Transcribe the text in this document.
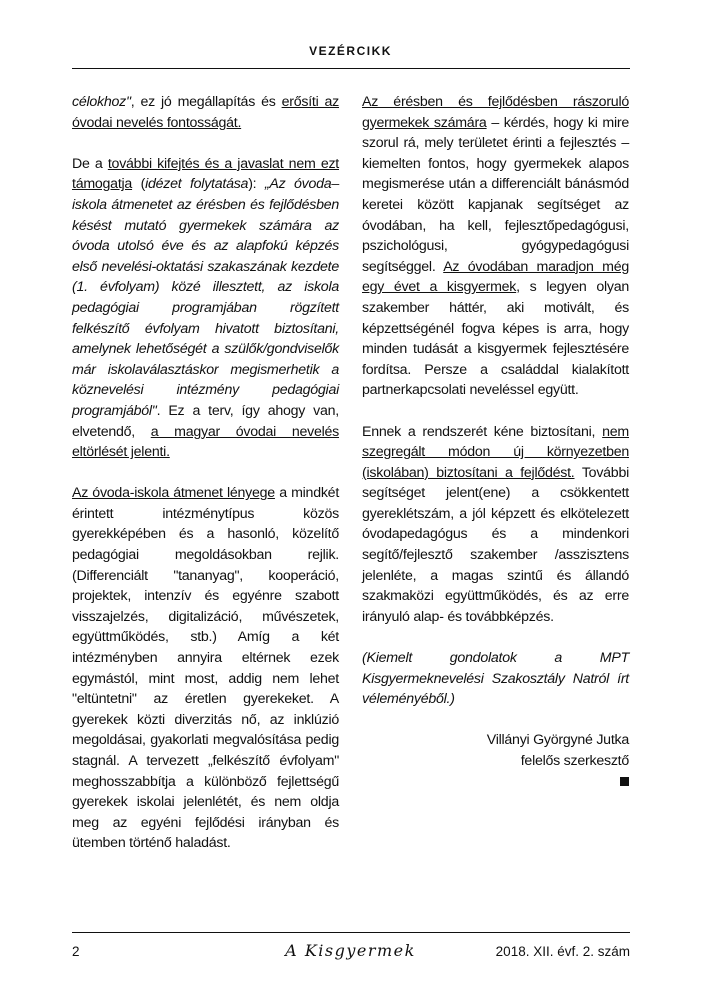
VEZÉRCIKK

célokhoz", ez jó megállapítás és erősíti az óvodai nevelés fontosságát.

De a további kifejtés és a javaslat nem ezt támogatja (idézet folytatása): „Az óvoda–iskola átmenetet az érésben és fejlődésben késést mutató gyermekek számára az óvoda utolsó éve és az alapfokú képzés első nevelési-oktatási szakaszának kezdete (1. évfolyam) közé illesztett, az iskola pedagógiai programjában rögzített felkészítő évfolyam hivatott biztosítani, amelynek lehetőségét a szülők/gondviselők már iskolaválasztáskor megismerhetik a köznevelési intézmény pedagógiai programjából". Ez a terv, így ahogy van, elvetendő, a magyar óvodai nevelés eltörlését jelenti.

Az óvoda-iskola átmenet lényege a mindkét érintett intézménytípus közös gyerekképében és a hasonló, közelítő pedagógiai megoldásokban rejlik. (Differenciált "tananyag", kooperáció, projektek, intenzív és egyénre szabott visszajelzés, digitalizáció, művészetek, együttműködés, stb.) Amíg a két intézményben annyira eltérnek ezek egymástól, mint most, addig nem lehet "eltüntetni" az éretlen gyerekeket. A gyerekek közti diverzitás nő, az inklúzió megoldásai, gyakorlati megvalósítása pedig stagnál. A tervezett „felkészítő évfolyam" meghosszabbítja a különböző fejlettségű gyerekek iskolai jelenlétét, és nem oldja meg az egyéni fejlődési irányban és ütemben történő haladást.

Az érésben és fejlődésben rászoruló gyermekek számára – kérdés, hogy ki mire szorul rá, mely területet érinti a fejlesztés – kiemelten fontos, hogy gyermekek alapos megismerése után a differenciált bánásmód keretei között kapjanak segítséget az óvodában, ha kell, fejlesztőpedagógusi, pszichológusi, gyógypedagógusi segítséggel. Az óvodában maradjon még egy évet a kisgyermek, s legyen olyan szakember háttér, aki motivált, és képzettségénél fogva képes is arra, hogy minden tudását a kisgyermek fejlesztésére fordítsa. Persze a családdal kialakított partnerkapcsolati neveléssel együtt.

Ennek a rendszerét kéne biztosítani, nem szegregált módon új környezetben (iskolában) biztosítani a fejlődést. További segítséget jelent(ene) a csökkentett gyereklétszám, a jól képzett és elkötelezett óvodapedagógus és a mindenkori segítő/fejlesztő szakember /asszisztens jelenléte, a magas szintű és állandó szakmaközi együttműködés, és az erre irányuló alap- és továbbképzés.

(Kiemelt gondolatok a MPT Kisgyermeknevelési Szakosztály Natról írt véleményéből.)

Villányi Györgyné Jutka
felelős szerkesztő
2	A Kisgyermek	2018. XII. évf. 2. szám
